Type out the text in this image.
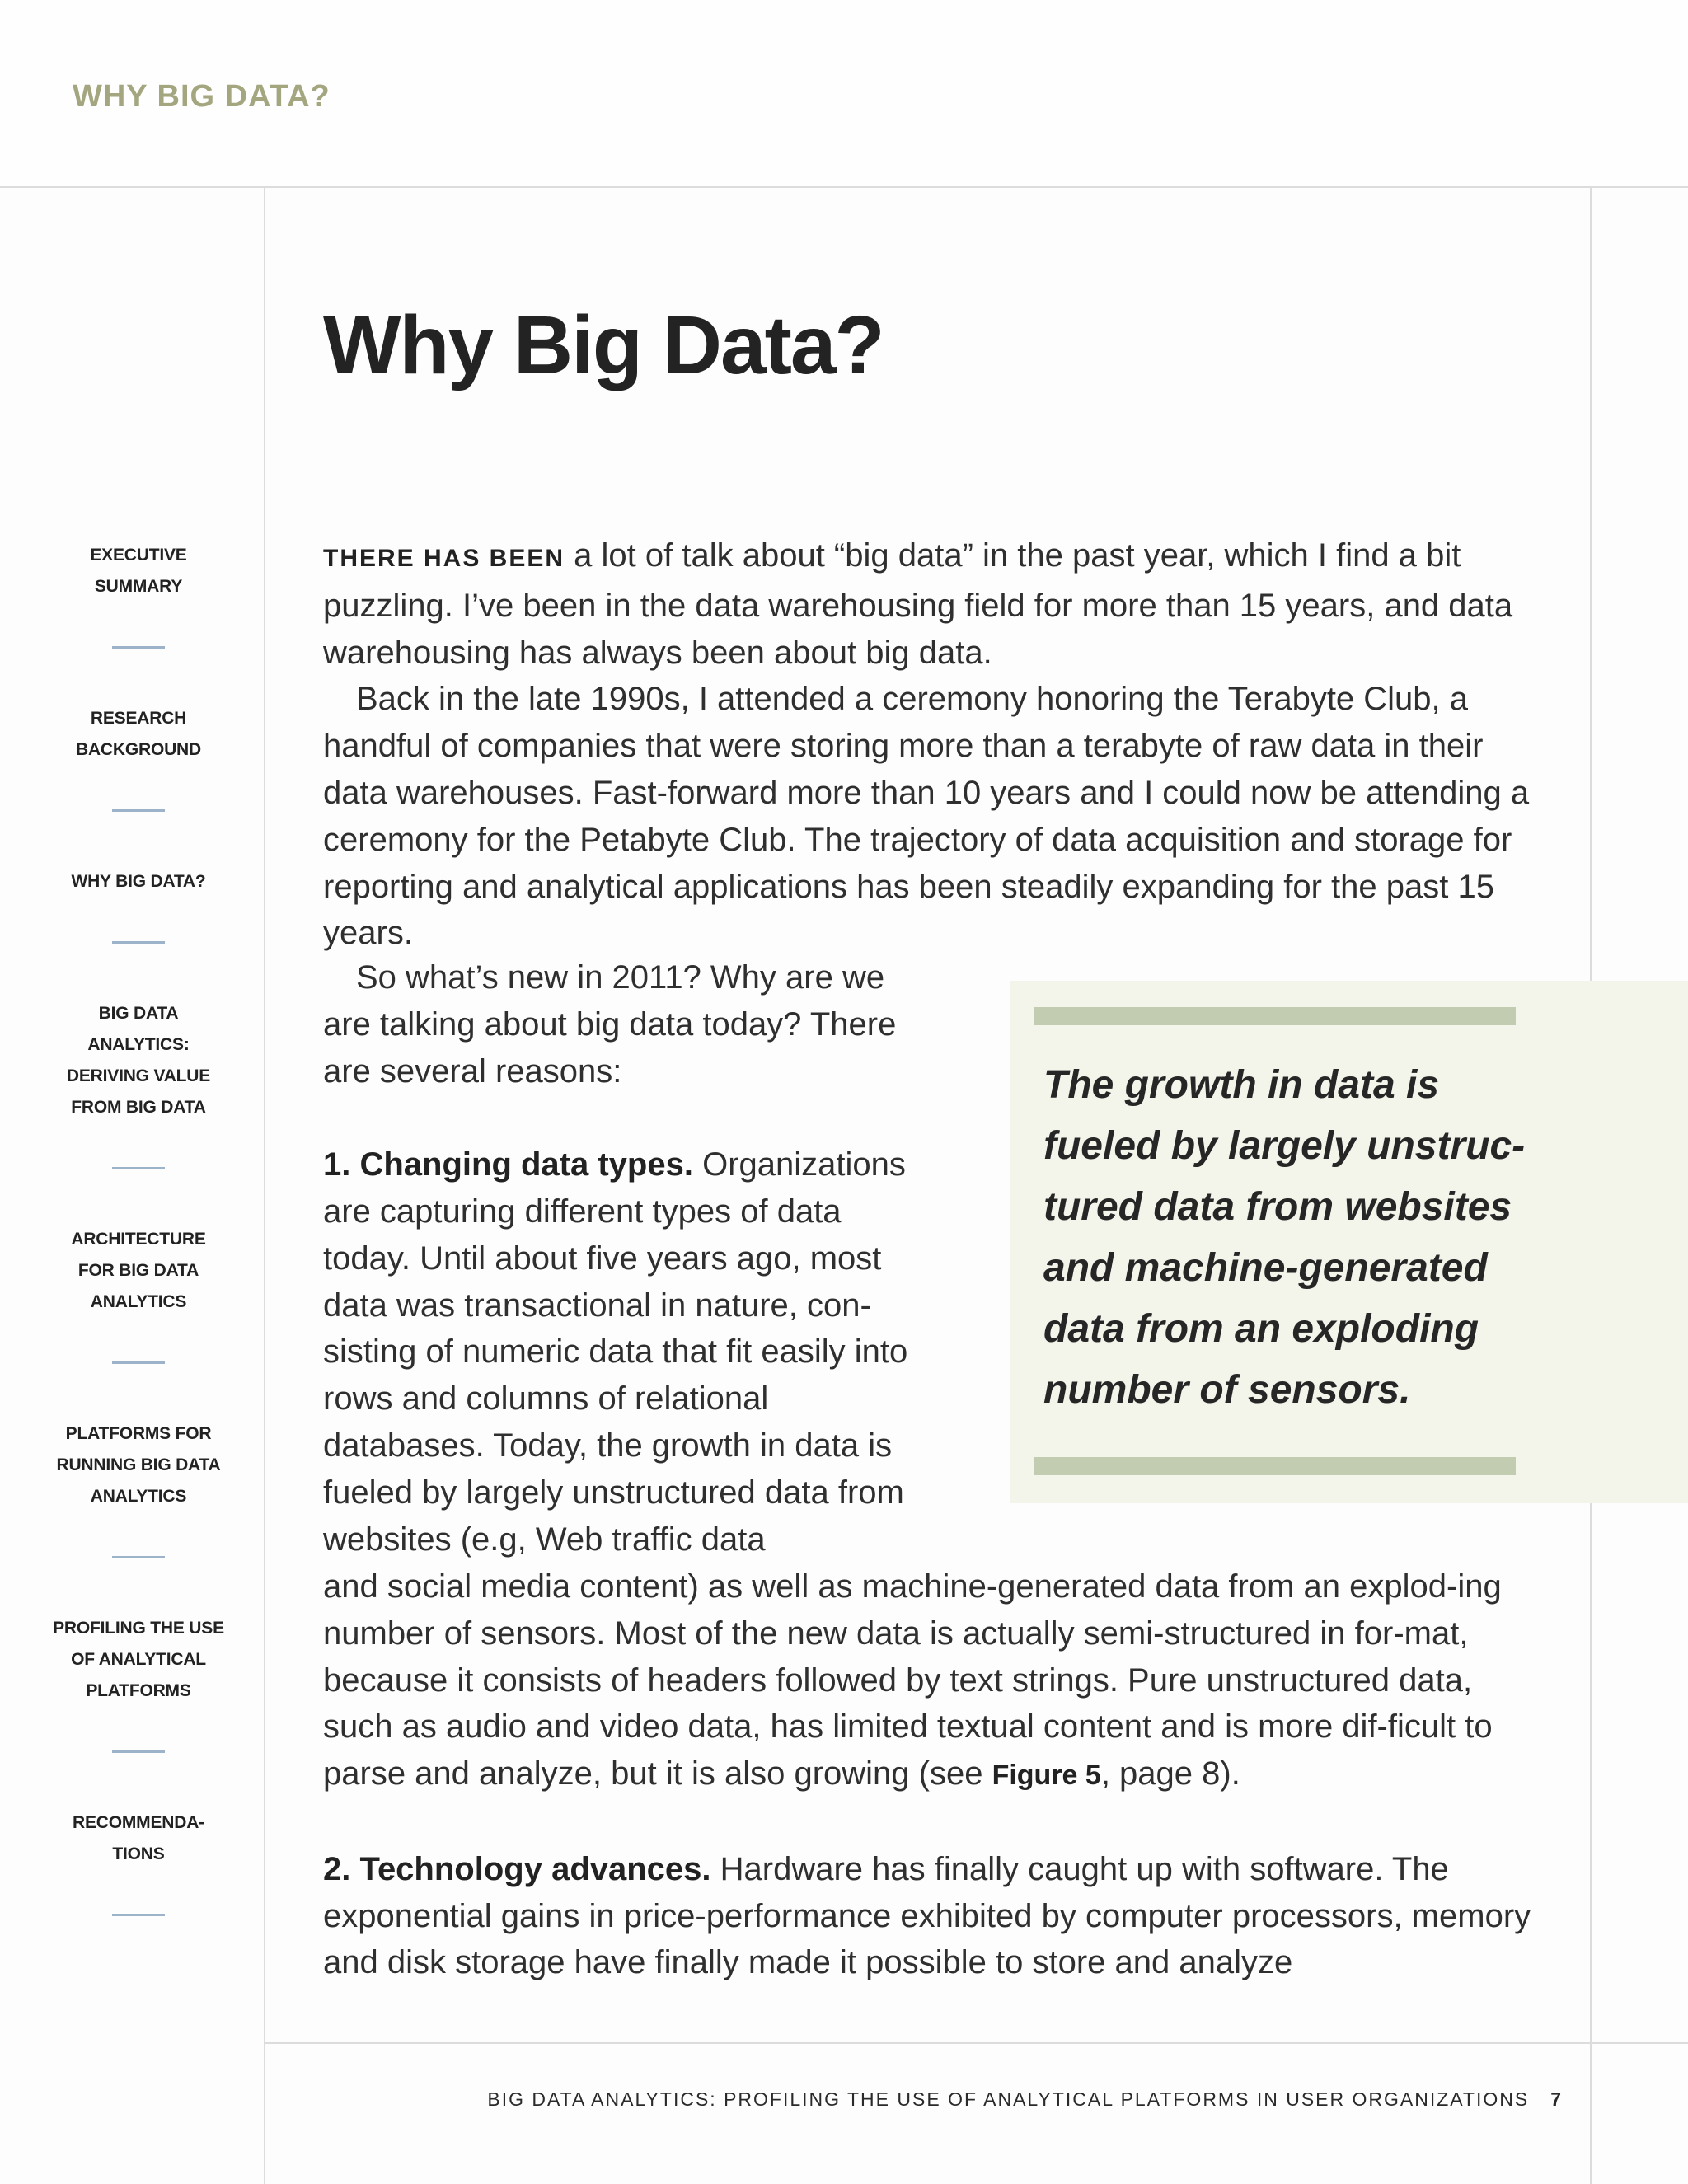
WHY BIG DATA?
EXECUTIVE
SUMMARY
RESEARCH
BACKGROUND
WHY BIG DATA?
BIG DATA
ANALYTICS:
DERIVING VALUE
FROM BIG DATA
ARCHITECTURE
FOR BIG DATA
ANALYTICS
PLATFORMS FOR
RUNNING BIG DATA
ANALYTICS
PROFILING THE USE
OF ANALYTICAL
PLATFORMS
RECOMMENDA-
TIONS
Why Big Data?

THERE HAS BEEN a lot of talk about “big data” in the past year, which I find a bit puzzling. I’ve been in the data warehousing field for more than 15 years, and data warehousing has always been about big data.

Back in the late 1990s, I attended a ceremony honoring the Terabyte Club, a handful of companies that were storing more than a terabyte of raw data in their data warehouses. Fast-forward more than 10 years and I could now be attending a ceremony for the Petabyte Club. The trajectory of data acquisition and storage for reporting and analytical applications has been steadily expanding for the past 15 years.

So what’s new in 2011? Why are we are talking about big data today? There are several reasons:

1. Changing data types. Organizations are capturing different types of data today. Until about five years ago, most data was transactional in nature, con-sisting of numeric data that fit easily into rows and columns of relational databases. Today, the growth in data is fueled by largely unstructured data from websites (e.g, Web traffic data

and social media content) as well as machine-generated data from an explod-ing number of sensors. Most of the new data is actually semi-structured in for-mat, because it consists of headers followed by text strings. Pure unstructured data, such as audio and video data, has limited textual content and is more dif-ficult to parse and analyze, but it is also growing (see Figure 5, page 8).

2. Technology advances. Hardware has finally caught up with software. The exponential gains in price-performance exhibited by computer processors, memory and disk storage have finally made it possible to store and analyze

The growth in data is fueled by largely unstruc-tured data from websites and machine-generated data from an exploding number of sensors.

BIG DATA ANALYTICS: PROFILING THE USE OF ANALYTICAL PLATFORMS IN USER ORGANIZATIONS 7
